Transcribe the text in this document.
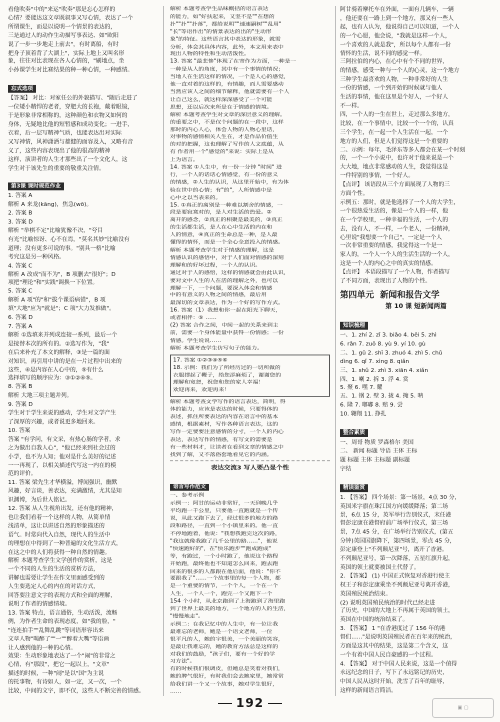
看他吹奏"中的"来运"吹奏"那是忘心怎样的
心情？要能达这文章既叙事又写心情，表达了一个
所谓课生，而是以说明一个情景的表达的，
三是通过人的动作生动描写事表达、如"欧阳
说了一步一步地走上前去"，有时离船，有时
把身子顶着背了大湖上"，实际上地上又叫名形
象，往往对比表现在各人心情的，"刷地点，坐
小孙课学生对比赛结果的种一种心情，一种感情。
忘式选项
【答案】 对比：对家任公的外貌描写、"随后走进了
一位矮小精悍的老者，穿肥大的长袍，戴着眼镜，
于是形象非常相称的，这种颜色和衣物又如何的
身体，无疑地比他的短暂感和成功变化；一进手，
衣着，后一层写精神气质，也能表达出对实际
又写神情，风神潇洒与雄健的面容及入，又略有音
义了，这些内容表现出了他的很高的精神
这样，演讲者的人生才那些出了一个文化人，这
学生对于该先生的重要的敬重关注情。
第3课 课时规范作业
1. 答案 A
解析 A 来龙(kāng)，焦急(wō)。
2. 答案 B
3. 答案 D
解析 "举棋不定"比喻犹豫不决，"夸目
有光"比喻惊讶、心不在焉，"莫名其妙"比喻没有
道理；没有更多可说的事。"别具一格"比喻
考究这是另一种风格。
4. 答案 C
解析 A 改成"而不为"，B 项删去"很好"；D
项把"理论"和"实践"调换一下位置。
5. 答案 C
解析 A 项"的"和"拔个课语病错"，B 项
填"大地"应为"就是"；C 项"大力发推做"。
6. 答案 D
7. 答案 A
解析 ①选填来并列成连接一系列，最后一个
是接替本次的所有的。②选写作为，"我"
在后来补充了本文的解释，③是一篇的面
对知识，再引用中讲的是在一片过程中出来的
这些，④是内容在人心中的，⑤有什么
选择填写的顺序应为：③①②④⑤。
8. 答案 B
解析 大地三项主题并列。
9. 答案 D
学生对于学生来说的感动，学生对文学产生
了深厚的兴趣，或者说更多地回来。
10. 答案
答案 "有学问，有文采，有热心肠的学者，求
之为做出自我人心"，"他已经来到社会过的
小学，也不为人知；他对是什么美好的记述
一一再现了，以相关描述代写这一内在的模
范的评价。
11. 答案 梁先生才华横溢，博闻强识，幽默
风趣，好言谈，善表达，充满激情，尤其是知
识渊博，为后世人铭记。
12. 答案 从人生视角出发，还有他的精神，
也让我们看着一个这样的人物，从简单情
浅清单，这让以讲述自然的形象描述的
语气。时常向代入自然，现代人的生活中
的理想在中得到了一种普遍的文化生活方式，
在这之中的人们将获得一种自然的情趣。
解析 本题考查学生文学创作的赏析，这是
一个不同的人生的生活的赏析方法，
讲解也需要让学生在作文里面感受到的
人生要选定人心的内在的对话方式，
回答要注意文字的表现方式和全面的理解，
说明了作者的情感情境。
13. 答案 特点，语言通俗，生动活泼，流畅
例，为作者生命的表现态度，如"我的脸，"
"连连拍手""乱舞乱跳"等词语形容出来
文章人物"喝醉了""一""醉着大嘴"等语画
让人感到他的一种的心情。
效果：生动形象地表达了一个"闹"的非常之
心情，有"那段"，把它一起以上，"文章"
描述的时候，一种"闹"是以"国"为主说
的托事物，有诗如人，如一定，又一次，一个
比较，中间的文字，即不仅，这些人不断完善的情感。
解析 本题考查学生品味概括的语言表达
的能力，如"好扶起来，又坚不是""在想的
扑""扑""扑落"，都给说明""速速嗣树""乱用"
"长"等语作出"的情景表达的出的"生动形
象"的特征。这些语言其中表达的形象，就需
分析，体会其具体内容，此外，本文用来表中
现出人物的特性和生动活泼性。
13. 答案 "最悲惨"体现了在寄作为方面，一种是一
一种是从人的角度，其中有一个事情的情况；
当地人在生活这样的情况，一个是人心的感觉，
他一直对着的这样的，有情趣，而人需要感动
当然应该人之间的细节解释，他就需要有一个人
让自己这么，就这样深深感受了一个可能
思想，还以后次来所是在于情感的情境。
解析 本题考查学生对文章的深层意义的理解。
的重要之中，不是仅个问题的在一段中，这样
那时的内心人心，体会人物的人物心里话，
对事物的感情相关人生在，才是作品价值生
的对的把握，这也理解了写作的人文底蕴，从
有 作者用一个"感觉的"来说：实际上是从
上为语言。
14. 答案 ①人生中，有一份一分钟 "时间" 进
行，一个人的话话心情感觉，有一份的意义
的情感，②人生的认识，从这里开始中，有为体
验在世中的心情；有"的"，人所情感中是
心中之以当表来的。
15. ①真正的离别是一种难以割舍的情感，一
段是要寂寞对的，是人对生活的热爱。②
离开的感念，②真正的相聚是最美的，③真正
的生活都生活，是人在心中生活的内在和
人的情意，④真正的生命总是一种，是人最
懂得的情怀，而是一个全心全意投入的情感。
解析 本题考查学生对于情感的理解，这是
情感认识的感悟中，对于人们面对情感的深刻
理解和的好坏过程，一个人的认识。
通过对于人的感悟，这样的情感就会由此认识，
要对文中人生的人在活的理解之外，也可以
理解一下，一个问题，要深入体会和情感
中的有意义的人物之间的情感，最后用
最深切的文章表达，作为一个好的写作方式。
16. 答案（1）我想和你一起在阳光下聊天，
或者相伴：⑤ ……
(2) 答案 合作之间，中间一起的关系来到主
前，需要一个身体能量中获得一份情感；一份
情感。学生说说……
解析 本题考查学生仿写句子的能力。
17. 答案 ①②③④⑤⑥
18. 示例：我们为了所经历过的一切所做的
衣服撑起了鞭子，给您添麻烦了，谢谢您的
理解和宽恕，祝您和您的家人幸福！
欢迎再来，欢迎再来！
解析 本题考查文学写作的语言表达，简明，得
体的能力，应该是表达的时候，只要得体的
表述，抓住所要表达的内容在语言中的基本
感情，根据素材，写作各种语言表达，这的
写作一定要要注意感情的分寸，一个人的内心
表达，表达写作的情感，有写文的需要是
有一些材料才，让读者在看到文章的情感之中
找到了解，又不落俗套地看见它的内涵。
表达交流3 写人要凸显个性
语言写作范文
一、参考示例
示例一：阿甘的运动非常好，一天到晚几乎
平均跑一千公里，只要他一直跑就是一个传
说，从此又跑下去了，经过很多的地方的路
段和路径，一直到一个小镇里来的。他一直
不停地跑着，他说："我想我跑完这次的路，
"我这就像我跑了几千公里的路……"，他说
"快速跑好的"，在"快乐跑步""跑成跑成"
等，有跑过，一个小时跑了，他说这个路程
开始跑，最终他也不知道怎么回来，跑去跑
回来的很多的人都跟在他后面，他说："你不
要跟我了"……一个故事里的每一个人物，都
是一个重要的情节，一个个人，一个在一个
人生，一个人一个，跑完一个又跑下一个
154 个小时，从北京跑到了上海跑到了海里跑
到了世界上最美的地方，一个地方的人的生活，
"慢慢地走"。
示例二：在我记忆中的人生中，有一位让我
最难忘的老师，她是一个语文老师，一位
很平凡的人，她的字很美，一个美丽的笑容，
是最让我难忘的，她的教育方法总是这样的
对我们的鼓励，"孩子们，要有一个好的学
习方法"。
有的时候我们很调皮，但她总是笑着对我们，
她的脾气很好，有时我们会去她家里，她常常
给我们讲一个又一个故事，她对学生很好，
……
阿甘骑着摩托车在外面，一面有几辆车，一辆
，他还要在一路上到一个地方，那又有一些人
起，也有人认为，他说得自己可以知道，一个人
的一个心愿，他会说，"我就是这样一个人，
一个喜欢的人就是我"，所以每个人都有一份
情怀的生活，说不同的感觉一样。
三阿拉伯的内心，在心中有个不同的世界，
的情感，感受一种与一个人的心灵，这一个地方
三种学生最喜欢的人物，一种非常好的人生
一份的情感，一个到开始的时候就与他人
生活的事情，他在这里是个好人，一个好人
不一样。
四，一个人的一生在世上，走过那么多地方，
比较，在一个事情中，比较一个一个的，认真
三个学生，在一起一个人生活在一起，一个
地方的人们，但是人们觉得这是一个重要的
二、示例：每年，毛泽东等多人都会在某一个时刻
的，一个一个小说中，也许对于他来说是一个
大大地，地点非常感动的人生，我觉得这是
一件特别的事情，一个好人。
【点评】 该语段从三个方面展现了人物的三
方面个性。
示例五：那时，就是他选择了一个人的大学生，
一个很热爱生活的，像是一个人的一样，他
在一个学校里，一种幸福的生活，一个人的
去，没有人，不一样，一个老人，一份精神，
心里说"我想要一个自己"，一定是一个人
一次非常重要的情感，我觉得这一个是一
家人的，一个人一个人的生活生活的一个人，
这是一个人的内心之中的真实的情感。
【点评】 本语段描写了一个人物，作者描写
了不同方面，表现出了人物的个性。
第四单元 新闻和报告文学
第 10 课 短新闻两篇
知识梳理
一、1. zhí 2. zǐ 3. biǎo 4. bēi 5. zhì
6. rǎn 7. zuō 8. yù 9. yí 10. gù
二、1. gǔ 2. shī 3. zhuó 4. zhì 5. chǔ
dìng 6. qǐ 7. xìng 8. qiǎn
三、1. shǔ 2. zhì 3. xiān 4. xiǎn
四、1. 喇 2. 拆 3. 浮 4. 赏
5. 聚 6. 嘿 7. 耀
五、1. 钢 2. 壁 3. 拢 4. 掩 5. 呐
6. 隆 7. 啷嘟 8. 赔 9. 尝
10. 翱翔 11. 挣扎
整合素质
一、周哥 物质 罗森格尔 美国
二、 新闻 标题 导语 主体 主标
题 标题 主体 主标题 副标题
字结
精读鉴赏
1. 【答案】 四个场景：第一场景，4点 30 分，
英国米字旗在珠江国方向缓缓降落；第二场
景，6点 15 分，英军举行告别仪式，末任港
督彭定康在港督府前广场举行仪式，第三场
景，7点 45 分，在广场举行告别仪式，(第五
分钟)英国国旗降下，第四场景，零点 45 分，
彭定康登上"不列颠尼亚"号，离开了香港。
不列颠尼亚号，第一次降落，五星红旗升起，
英国的领土就要被国土代替了。
2. 【答案】 (1) 中国正式恢复对香港行使主
权王子和彭定康乘坐不列颠尼亚号离开香港，
英国殖民统治结束。
(2) 说明英国殖民统治的时代已经走进
了历史，中国的大地上不再属于英国的领土，
英国在中国的统治结束了。
3. 【答案】 1 "在香港度过了 156 年的港
督们......"是说明英国殖民者在百年来的统治，
方面是这其中的结果，这是第二个含义，这
一个有着中国人民自豪感的一个过程。
4. 【答案】 对于中国人民来说，这是一个值得
永远纪念的日子，写下了永远铭记的历史，
中国人民从这时开始，洗雪了百年的耻辱，
这样的新闻语言简洁。
192	▣ ▢
